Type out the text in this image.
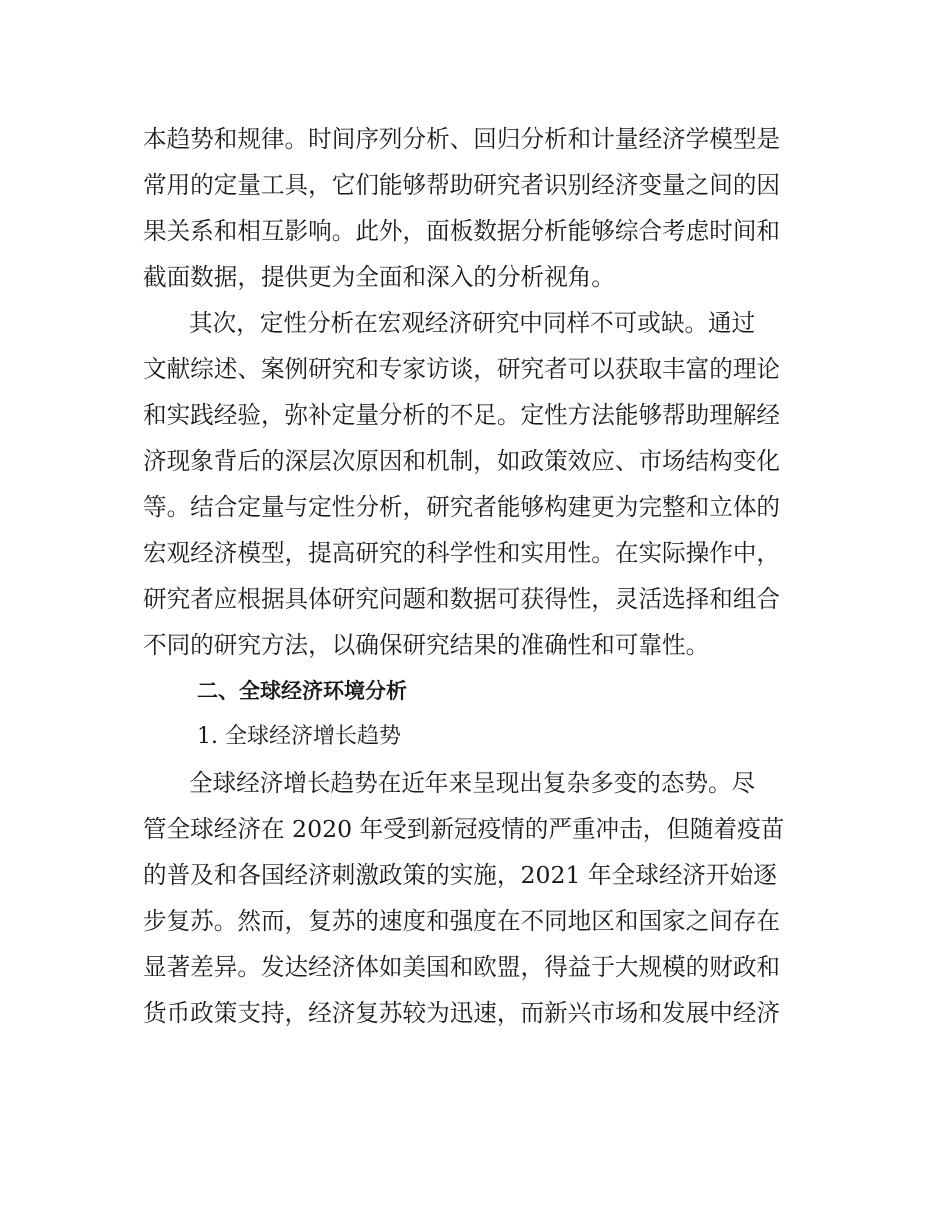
本趋势和规律。时间序列分析、回归分析和计量经济学模型是
常用的定量工具，它们能够帮助研究者识别经济变量之间的因
果关系和相互影响。此外，面板数据分析能够综合考虑时间和
截面数据，提供更为全面和深入的分析视角。
其次，定性分析在宏观经济研究中同样不可或缺。通过
文献综述、案例研究和专家访谈，研究者可以获取丰富的理论
和实践经验，弥补定量分析的不足。定性方法能够帮助理解经
济现象背后的深层次原因和机制，如政策效应、市场结构变化
等。结合定量与定性分析，研究者能够构建更为完整和立体的
宏观经济模型，提高研究的科学性和实用性。在实际操作中，
研究者应根据具体研究问题和数据可获得性，灵活选择和组合
不同的研究方法，以确保研究结果的准确性和可靠性。
二、全球经济环境分析
1. 全球经济增长趋势
全球经济增长趋势在近年来呈现出复杂多变的态势。尽
管全球经济在 2020 年受到新冠疫情的严重冲击，但随着疫苗
的普及和各国经济刺激政策的实施，2021 年全球经济开始逐
步复苏。然而，复苏的速度和强度在不同地区和国家之间存在
显著差异。发达经济体如美国和欧盟，得益于大规模的财政和
货币政策支持，经济复苏较为迅速，而新兴市场和发展中经济
